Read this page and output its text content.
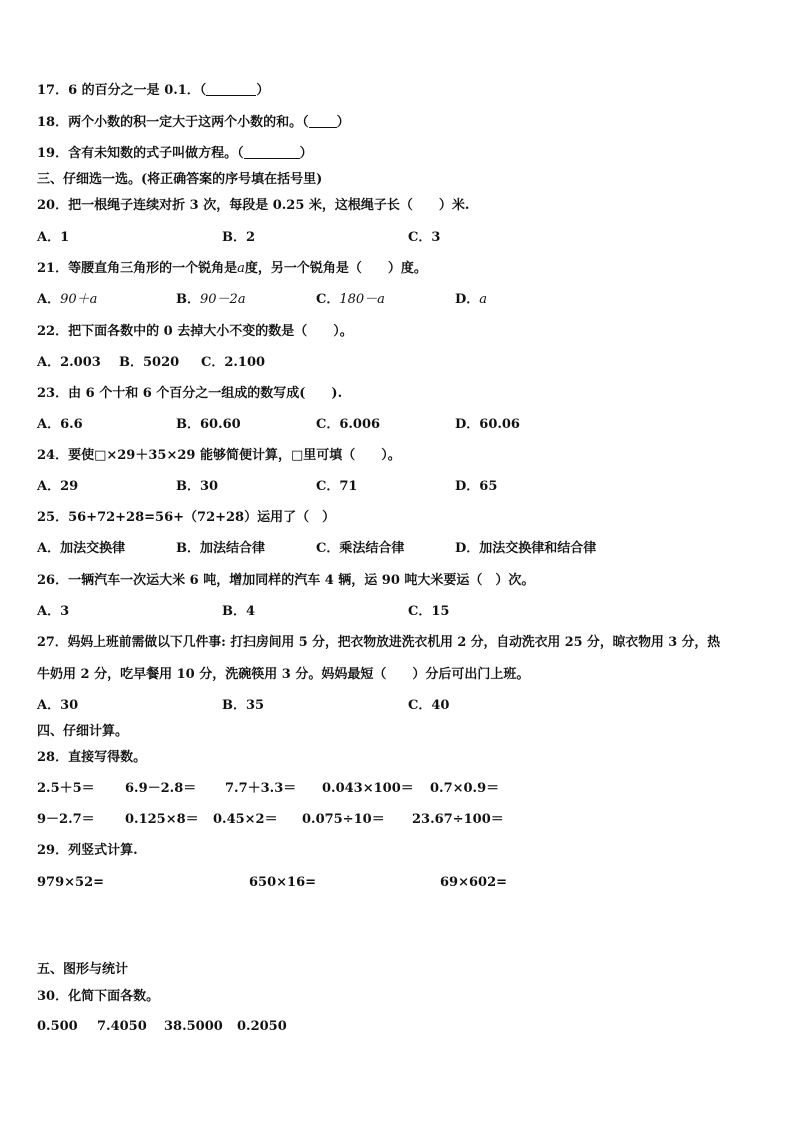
17．6 的百分之一是 0.1．（	）
18．两个小数的积一定大于这两个小数的和。（ ）
19．含有未知数的式子叫做方程。（	）
三、仔细选一选。(将正确答案的序号填在括号里)
20．把一根绳子连续对折 3 次，每段是 0.25 米，这根绳子长（　　）米.
A．1	B．2	C．3
21．等腰直角三角形的一个锐角是a度，另一个锐角是（　　）度。
A．90＋a	B．90－2a	C．180－a	D．a
22．把下面各数中的 0 去掉大小不变的数是（　　）。
A．2.003 B．5020 C．2.100
23．由 6 个十和 6 个百分之一组成的数写成(　　).
A．6.6	B．60.60	C．6.006	D．60.06
24．要使□×29＋35×29 能够简便计算，□里可填（　　）。
A．29	B．30	C．71	D．65
25．56+72+28=56+（72+28）运用了（　）
A．加法交换律	B．加法结合律	C．乘法结合律	D．加法交换律和结合律
26．一辆汽车一次运大米 6 吨，增加同样的汽车 4 辆，运 90 吨大米要运（　）次。
A．3	B．4	C．15
27．妈妈上班前需做以下几件事: 打扫房间用 5 分，把衣物放进洗衣机用 2 分，自动洗衣用 25 分，晾衣物用 3 分，热
牛奶用 2 分，吃早餐用 10 分，洗碗筷用 3 分。妈妈最短（　　）分后可出门上班。
A．30	B．35	C．40
四、仔细计算。
28．直接写得数。
2.5＋5＝ 6.9－2.8＝ 7.7＋3.3＝ 0.043×100＝ 0.7×0.9＝
9－2.7＝ 0.125×8＝ 0.45×2＝ 0.075÷10＝ 23.67÷100＝
29．列竖式计算.
979×52=	650×16=	69×602=
五、图形与统计
30．化简下面各数。
0.500 7.4050 38.5000 0.2050
